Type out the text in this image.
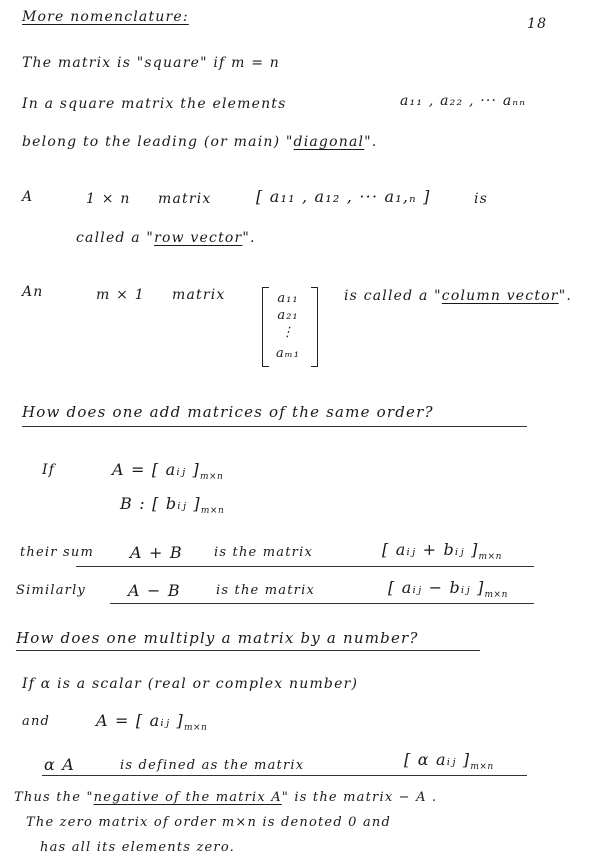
More nomenclature:	18
The matrix is "square" if m = n
In a square matrix the elements	a₁₁ , a₂₂ , ··· aₙₙ
belong to the leading (or main) "diagonal".
A	1 × n matrix	[ a₁₁ , a₁₂ , ··· a₁,ₙ ]	is
called a "row vector".
An	m × 1 matrix	a₁₁
a₂₁
⋮
aₘ₁
is called a "column vector".
How does one add matrices of the same order?
If	A = [ aᵢⱼ ]$_{m\times n}$
B : [ bᵢⱼ ]$_{m\times n}$
their sum A + B is the matrix	[ aᵢⱼ + bᵢⱼ ]$_{m\times n}$
Similarly	A − B	is the matrix	[ aᵢⱼ − bᵢⱼ ]$_{m\times n}$
How does one multiply a matrix by a number?
If α is a scalar (real or complex number)
and	A = [ aᵢⱼ ]$_{m\times n}$
α A	is defined as the matrix	[ α aᵢⱼ ]$_{m\times n}$
Thus the "negative of the matrix A" is the matrix − A .
The zero matrix of order m×n is denoted 0 and
has all its elements zero.
